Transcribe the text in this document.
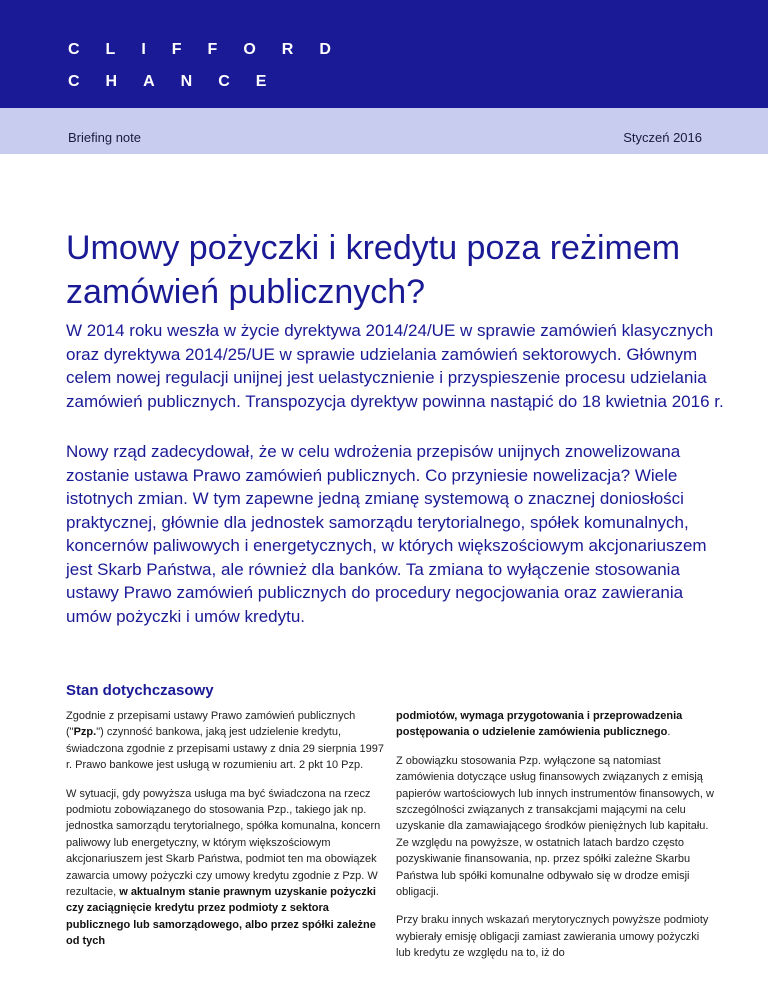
CLIFFORD
CHANCE
Briefing note	Styczeń 2016
Umowy pożyczki i kredytu poza reżimem zamówień publicznych?

W 2014 roku weszła w życie dyrektywa 2014/24/UE w sprawie zamówień klasycznych oraz dyrektywa 2014/25/UE w sprawie udzielania zamówień sektorowych. Głównym celem nowej regulacji unijnej jest uelastycznienie i przyspieszenie procesu udzielania zamówień publicznych. Transpozycja dyrektyw powinna nastąpić do 18 kwietnia 2016 r.

Nowy rząd zadecydował, że w celu wdrożenia przepisów unijnych znowelizowana zostanie ustawa Prawo zamówień publicznych. Co przyniesie nowelizacja? Wiele istotnych zmian. W tym zapewne jedną zmianę systemową o znacznej doniosłości praktycznej, głównie dla jednostek samorządu terytorialnego, spółek komunalnych, koncernów paliwowych i energetycznych, w których większościowym akcjonariuszem jest Skarb Państwa, ale również dla banków. Ta zmiana to wyłączenie stosowania ustawy Prawo zamówień publicznych do procedury negocjowania oraz zawierania umów pożyczki i umów kredytu.

Stan dotychczasowy

Zgodnie z przepisami ustawy Prawo zamówień publicznych ("Pzp.") czynność bankowa, jaką jest udzielenie kredytu, świadczona zgodnie z przepisami ustawy z dnia 29 sierpnia 1997 r. Prawo bankowe jest usługą w rozumieniu art. 2 pkt 10 Pzp.

W sytuacji, gdy powyższa usługa ma być świadczona na rzecz podmiotu zobowiązanego do stosowania Pzp., takiego jak np. jednostka samorządu terytorialnego, spółka komunalna, koncern paliwowy lub energetyczny, w którym większościowym akcjonariuszem jest Skarb Państwa, podmiot ten ma obowiązek zawarcia umowy pożyczki czy umowy kredytu zgodnie z Pzp. W rezultacie, w aktualnym stanie prawnym uzyskanie pożyczki czy zaciągnięcie kredytu przez podmioty z sektora publicznego lub samorządowego, albo przez spółki zależne od tych

podmiotów, wymaga przygotowania i przeprowadzenia postępowania o udzielenie zamówienia publicznego.

Z obowiązku stosowania Pzp. wyłączone są natomiast zamówienia dotyczące usług finansowych związanych z emisją papierów wartościowych lub innych instrumentów finansowych, w szczególności związanych z transakcjami mającymi na celu uzyskanie dla zamawiającego środków pieniężnych lub kapitału. Ze względu na powyższe, w ostatnich latach bardzo często pozyskiwanie finansowania, np. przez spółki zależne Skarbu Państwa lub spółki komunalne odbywało się w drodze emisji obligacji.

Przy braku innych wskazań merytorycznych powyższe podmioty wybierały emisję obligacji zamiast zawierania umowy pożyczki lub kredytu ze względu na to, iż do
